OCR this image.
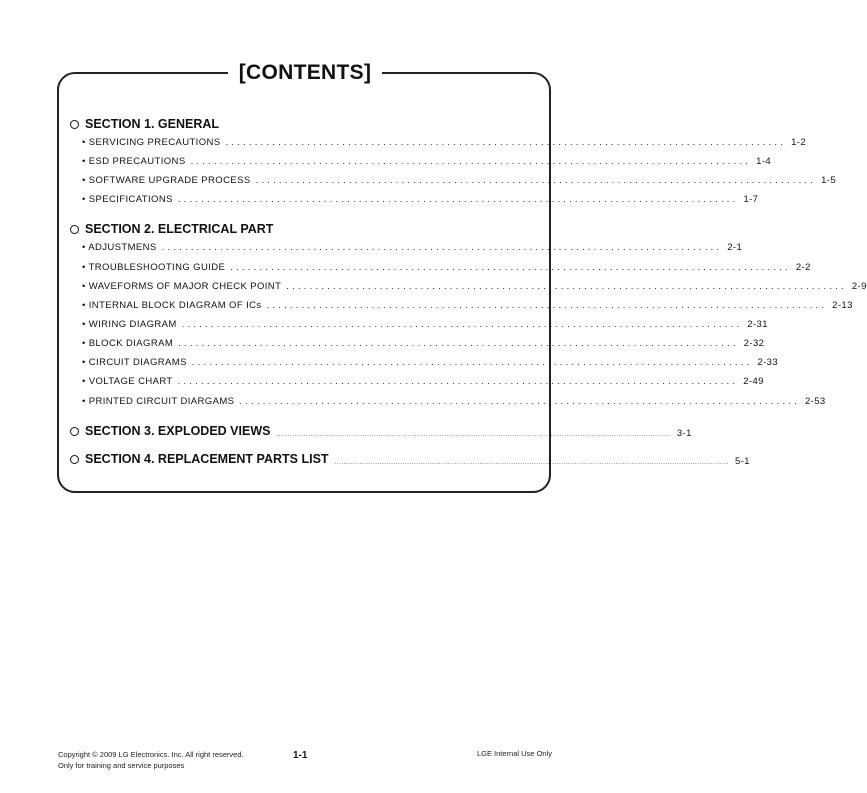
[CONTENTS]
SECTION 1. GENERAL
• SERVICING PRECAUTIONS ................................................................................................ 1-2
• ESD PRECAUTIONS ................................................................................................ 1-4
• SOFTWARE UPGRADE PROCESS ................................................................................................ 1-5
• SPECIFICATIONS ................................................................................................ 1-7
SECTION 2. ELECTRICAL PART
• ADJUSTMENS ................................................................................................ 2-1
• TROUBLESHOOTING GUIDE ................................................................................................ 2-2
• WAVEFORMS OF MAJOR CHECK POINT ................................................................................................ 2-9
• INTERNAL BLOCK DIAGRAM OF ICs ................................................................................................ 2-13
• WIRING DIAGRAM ................................................................................................ 2-31
• BLOCK DIAGRAM ................................................................................................ 2-32
• CIRCUIT DIAGRAMS ................................................................................................ 2-33
• VOLTAGE CHART ................................................................................................ 2-49
• PRINTED CIRCUIT DIARGAMS ................................................................................................ 2-53
SECTION 3. EXPLODED VIEWS .............................................................................................................................................................................. 3-1
SECTION 4. REPLACEMENT PARTS LIST .............................................................................................................................................................................. 5-1
Copyright © 2009 LG Electronics. Inc. All right reserved.
Only for training and service purposes
1-1	LGE Internal Use Only
